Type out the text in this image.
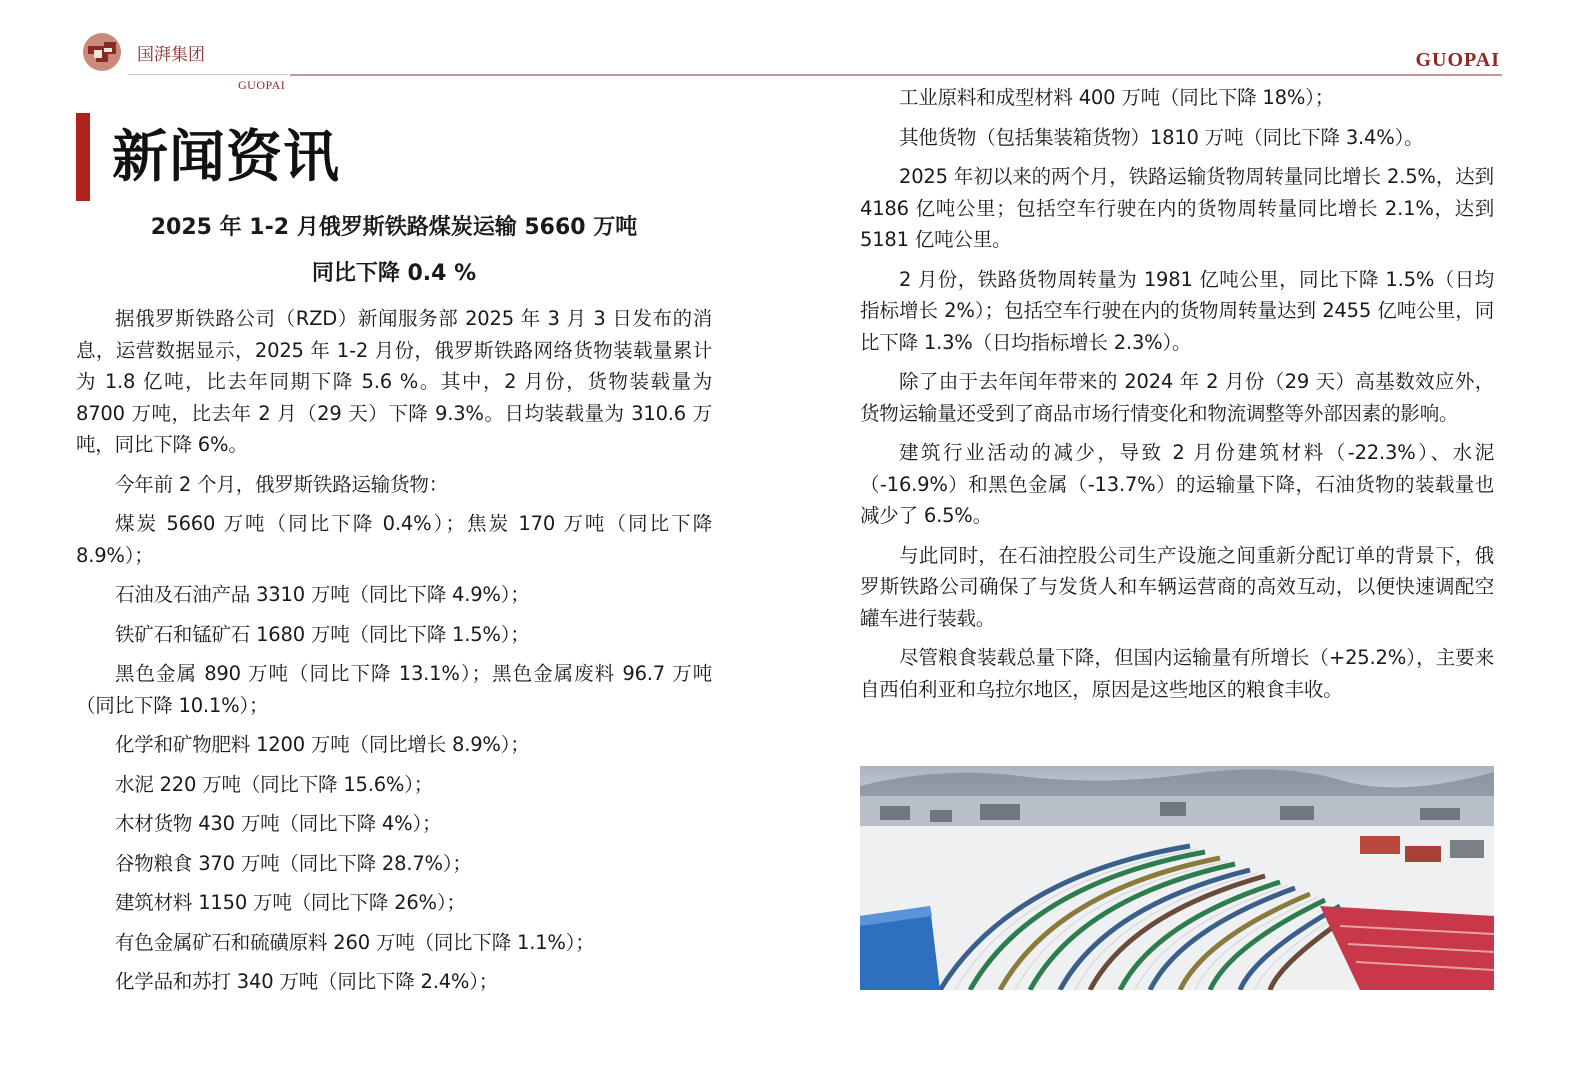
国湃集团
GUOPAI
GUOPAI
新闻资讯
2025 年 1-2 月俄罗斯铁路煤炭运输 5660 万吨
同比下降 0.4 %

据俄罗斯铁路公司（RZD）新闻服务部 2025 年 3 月 3 日发布的消息，运营数据显示，2025 年 1-2 月份，俄罗斯铁路网络货物装载量累计为 1.8 亿吨，比去年同期下降 5.6 %。其中，2 月份，货物装载量为 8700 万吨，比去年 2 月（29 天）下降 9.3%。日均装载量为 310.6 万吨，同比下降 6%。

今年前 2 个月，俄罗斯铁路运输货物：

煤炭 5660 万吨（同比下降 0.4%）；焦炭 170 万吨（同比下降 8.9%）；

石油及石油产品 3310 万吨（同比下降 4.9%）；

铁矿石和锰矿石 1680 万吨（同比下降 1.5%）；

黑色金属 890 万吨（同比下降 13.1%）；黑色金属废料 96.7 万吨（同比下降 10.1%）；

化学和矿物肥料 1200 万吨（同比增长 8.9%）；

水泥 220 万吨（同比下降 15.6%）；

木材货物 430 万吨（同比下降 4%）；

谷物粮食 370 万吨（同比下降 28.7%）；

建筑材料 1150 万吨（同比下降 26%）；

有色金属矿石和硫磺原料 260 万吨（同比下降 1.1%）；

化学品和苏打 340 万吨（同比下降 2.4%）；

工业原料和成型材料 400 万吨（同比下降 18%）；

其他货物（包括集装箱货物）1810 万吨（同比下降 3.4%）。

2025 年初以来的两个月，铁路运输货物周转量同比增长 2.5%，达到 4186 亿吨公里；包括空车行驶在内的货物周转量同比增长 2.1%，达到 5181 亿吨公里。

2 月份，铁路货物周转量为 1981 亿吨公里，同比下降 1.5%（日均指标增长 2%）；包括空车行驶在内的货物周转量达到 2455 亿吨公里，同比下降 1.3%（日均指标增长 2.3%）。

除了由于去年闰年带来的 2024 年 2 月份（29 天）高基数效应外，货物运输量还受到了商品市场行情变化和物流调整等外部因素的影响。

建筑行业活动的减少，导致 2 月份建筑材料（-22.3%）、水泥（-16.9%）和黑色金属（-13.7%）的运输量下降，石油货物的装载量也减少了 6.5%。

与此同时，在石油控股公司生产设施之间重新分配订单的背景下，俄罗斯铁路公司确保了与发货人和车辆运营商的高效互动，以便快速调配空罐车进行装载。

尽管粮食装载总量下降，但国内运输量有所增长（+25.2%），主要来自西伯利亚和乌拉尔地区，原因是这些地区的粮食丰收。
